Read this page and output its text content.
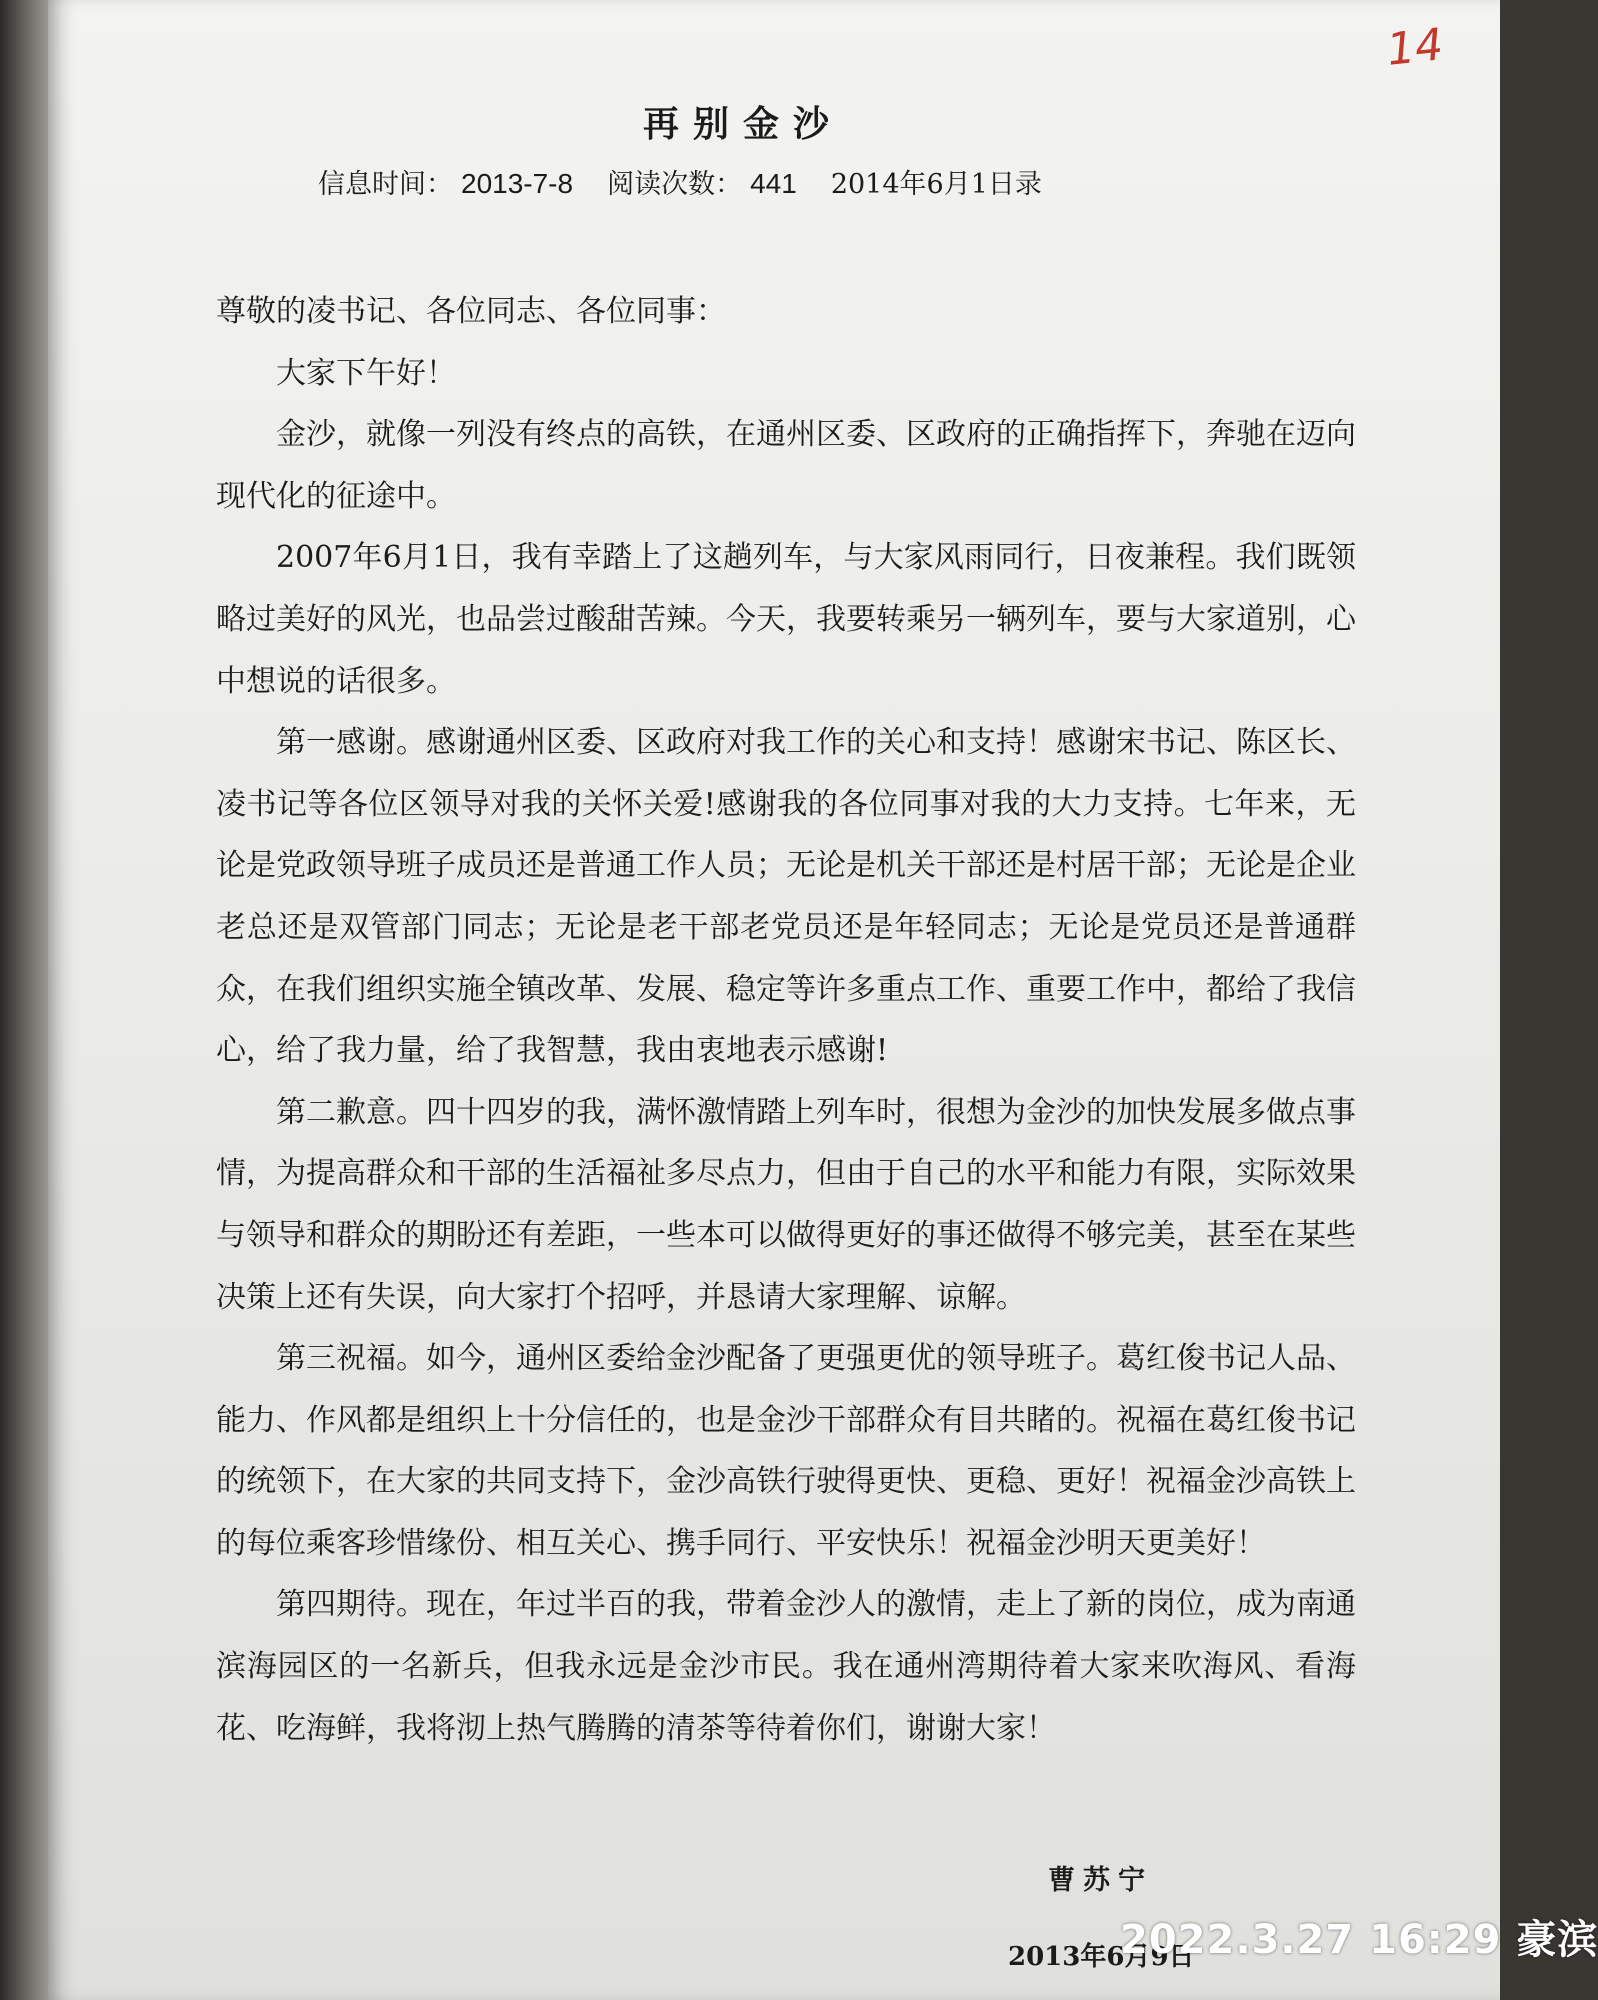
14
再别金沙
信息时间： 2013-7-8 阅读次数： 441 2014年6月1日录

尊敬的凌书记、各位同志、各位同事：

大家下午好！

金沙，就像一列没有终点的高铁，在通州区委、区政府的正确指挥下，奔驰在迈向现代化的征途中。

2007年6月1日，我有幸踏上了这趟列车，与大家风雨同行，日夜兼程。我们既领略过美好的风光，也品尝过酸甜苦辣。今天，我要转乘另一辆列车，要与大家道别，心中想说的话很多。

第一感谢。感谢通州区委、区政府对我工作的关心和支持！感谢宋书记、陈区长、凌书记等各位区领导对我的关怀关爱!感谢我的各位同事对我的大力支持。七年来，无论是党政领导班子成员还是普通工作人员；无论是机关干部还是村居干部；无论是企业老总还是双管部门同志；无论是老干部老党员还是年轻同志；无论是党员还是普通群众，在我们组织实施全镇改革、发展、稳定等许多重点工作、重要工作中，都给了我信心，给了我力量，给了我智慧，我由衷地表示感谢!

第二歉意。四十四岁的我，满怀激情踏上列车时，很想为金沙的加快发展多做点事情，为提高群众和干部的生活福祉多尽点力，但由于自己的水平和能力有限，实际效果与领导和群众的期盼还有差距，一些本可以做得更好的事还做得不够完美，甚至在某些决策上还有失误，向大家打个招呼，并恳请大家理解、谅解。

第三祝福。如今，通州区委给金沙配备了更强更优的领导班子。葛红俊书记人品、能力、作风都是组织上十分信任的，也是金沙干部群众有目共睹的。祝福在葛红俊书记的统领下，在大家的共同支持下，金沙高铁行驶得更快、更稳、更好！祝福金沙高铁上的每位乘客珍惜缘份、相互关心、携手同行、平安快乐！祝福金沙明天更美好！

第四期待。现在，年过半百的我，带着金沙人的激情，走上了新的岗位，成为南通滨海园区的一名新兵，但我永远是金沙市民。我在通州湾期待着大家来吹海风、看海花、吃海鲜，我将沏上热气腾腾的清茶等待着你们，谢谢大家！

曹苏宁
2013年6月9日
2022.3.27 16:29 豪滨
